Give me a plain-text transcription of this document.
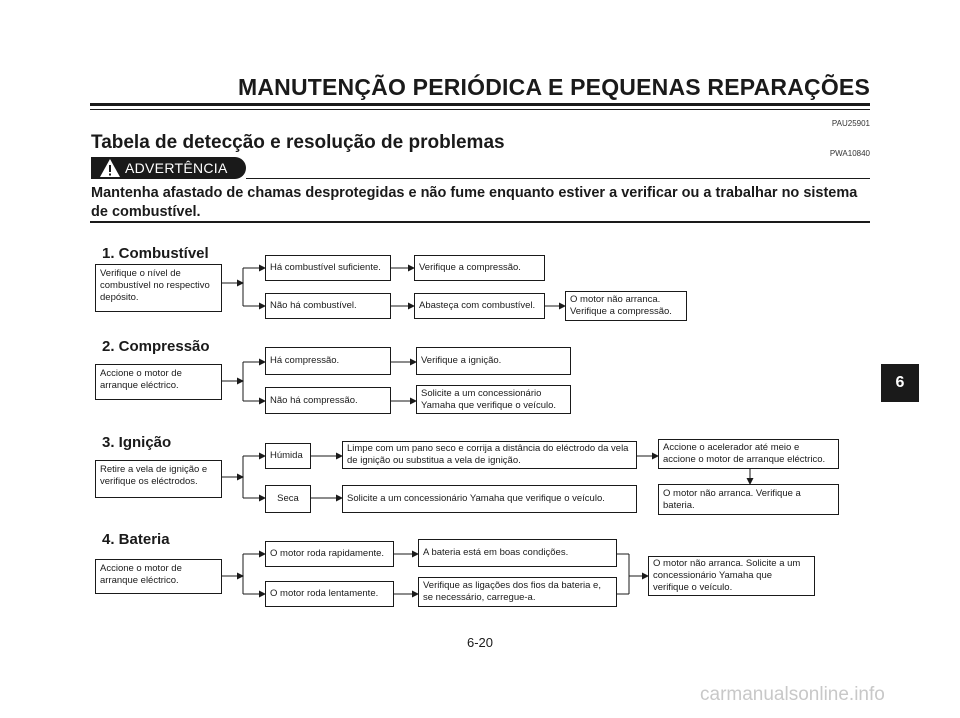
MANUTENÇÃO PERIÓDICA E PEQUENAS REPARAÇÕES
PAU25901
Tabela de detecção e resolução de problemas
PWA10840
ADVERTÊNCIA
Mantenha afastado de chamas desprotegidas e não fume enquanto estiver a verificar ou a trabalhar no sistema de combustível.
1. Combustível
Verifique o nível de combustível no respectivo depósito.
Há combustível suficiente.	Verifique a compressão.
Não há combustível.	Abasteça com combustível.
O motor não arranca. Verifique a compressão.
2. Compressão
Accione o motor de arranque eléctrico.
Há compressão.	Verifique a ignição.
Não há compressão.
Solicite a um concessionário Yamaha que verifique o veículo.
3. Ignição
Retire a vela de ignição e verifique os eléctrodos.
Húmida
Limpe com um pano seco e corrija a distância do eléctrodo da vela de ignição ou substitua a vela de ignição.
Accione o acelerador até meio e accione o motor de arranque eléctrico.
Seca	Solicite a um concessionário Yamaha que verifique o veículo.	O motor não arranca. Verifique a bateria.
4. Bateria
Accione o motor de arranque eléctrico.
O motor roda rapidamente.	A bateria está em boas condições.
O motor roda lentamente.
Verifique as ligações dos fios da bateria e, se necessário, carregue-a.
O motor não arranca. Solicite a um concessionário Yamaha que verifique o veículo.
6
6-20
carmanualsonline.info
